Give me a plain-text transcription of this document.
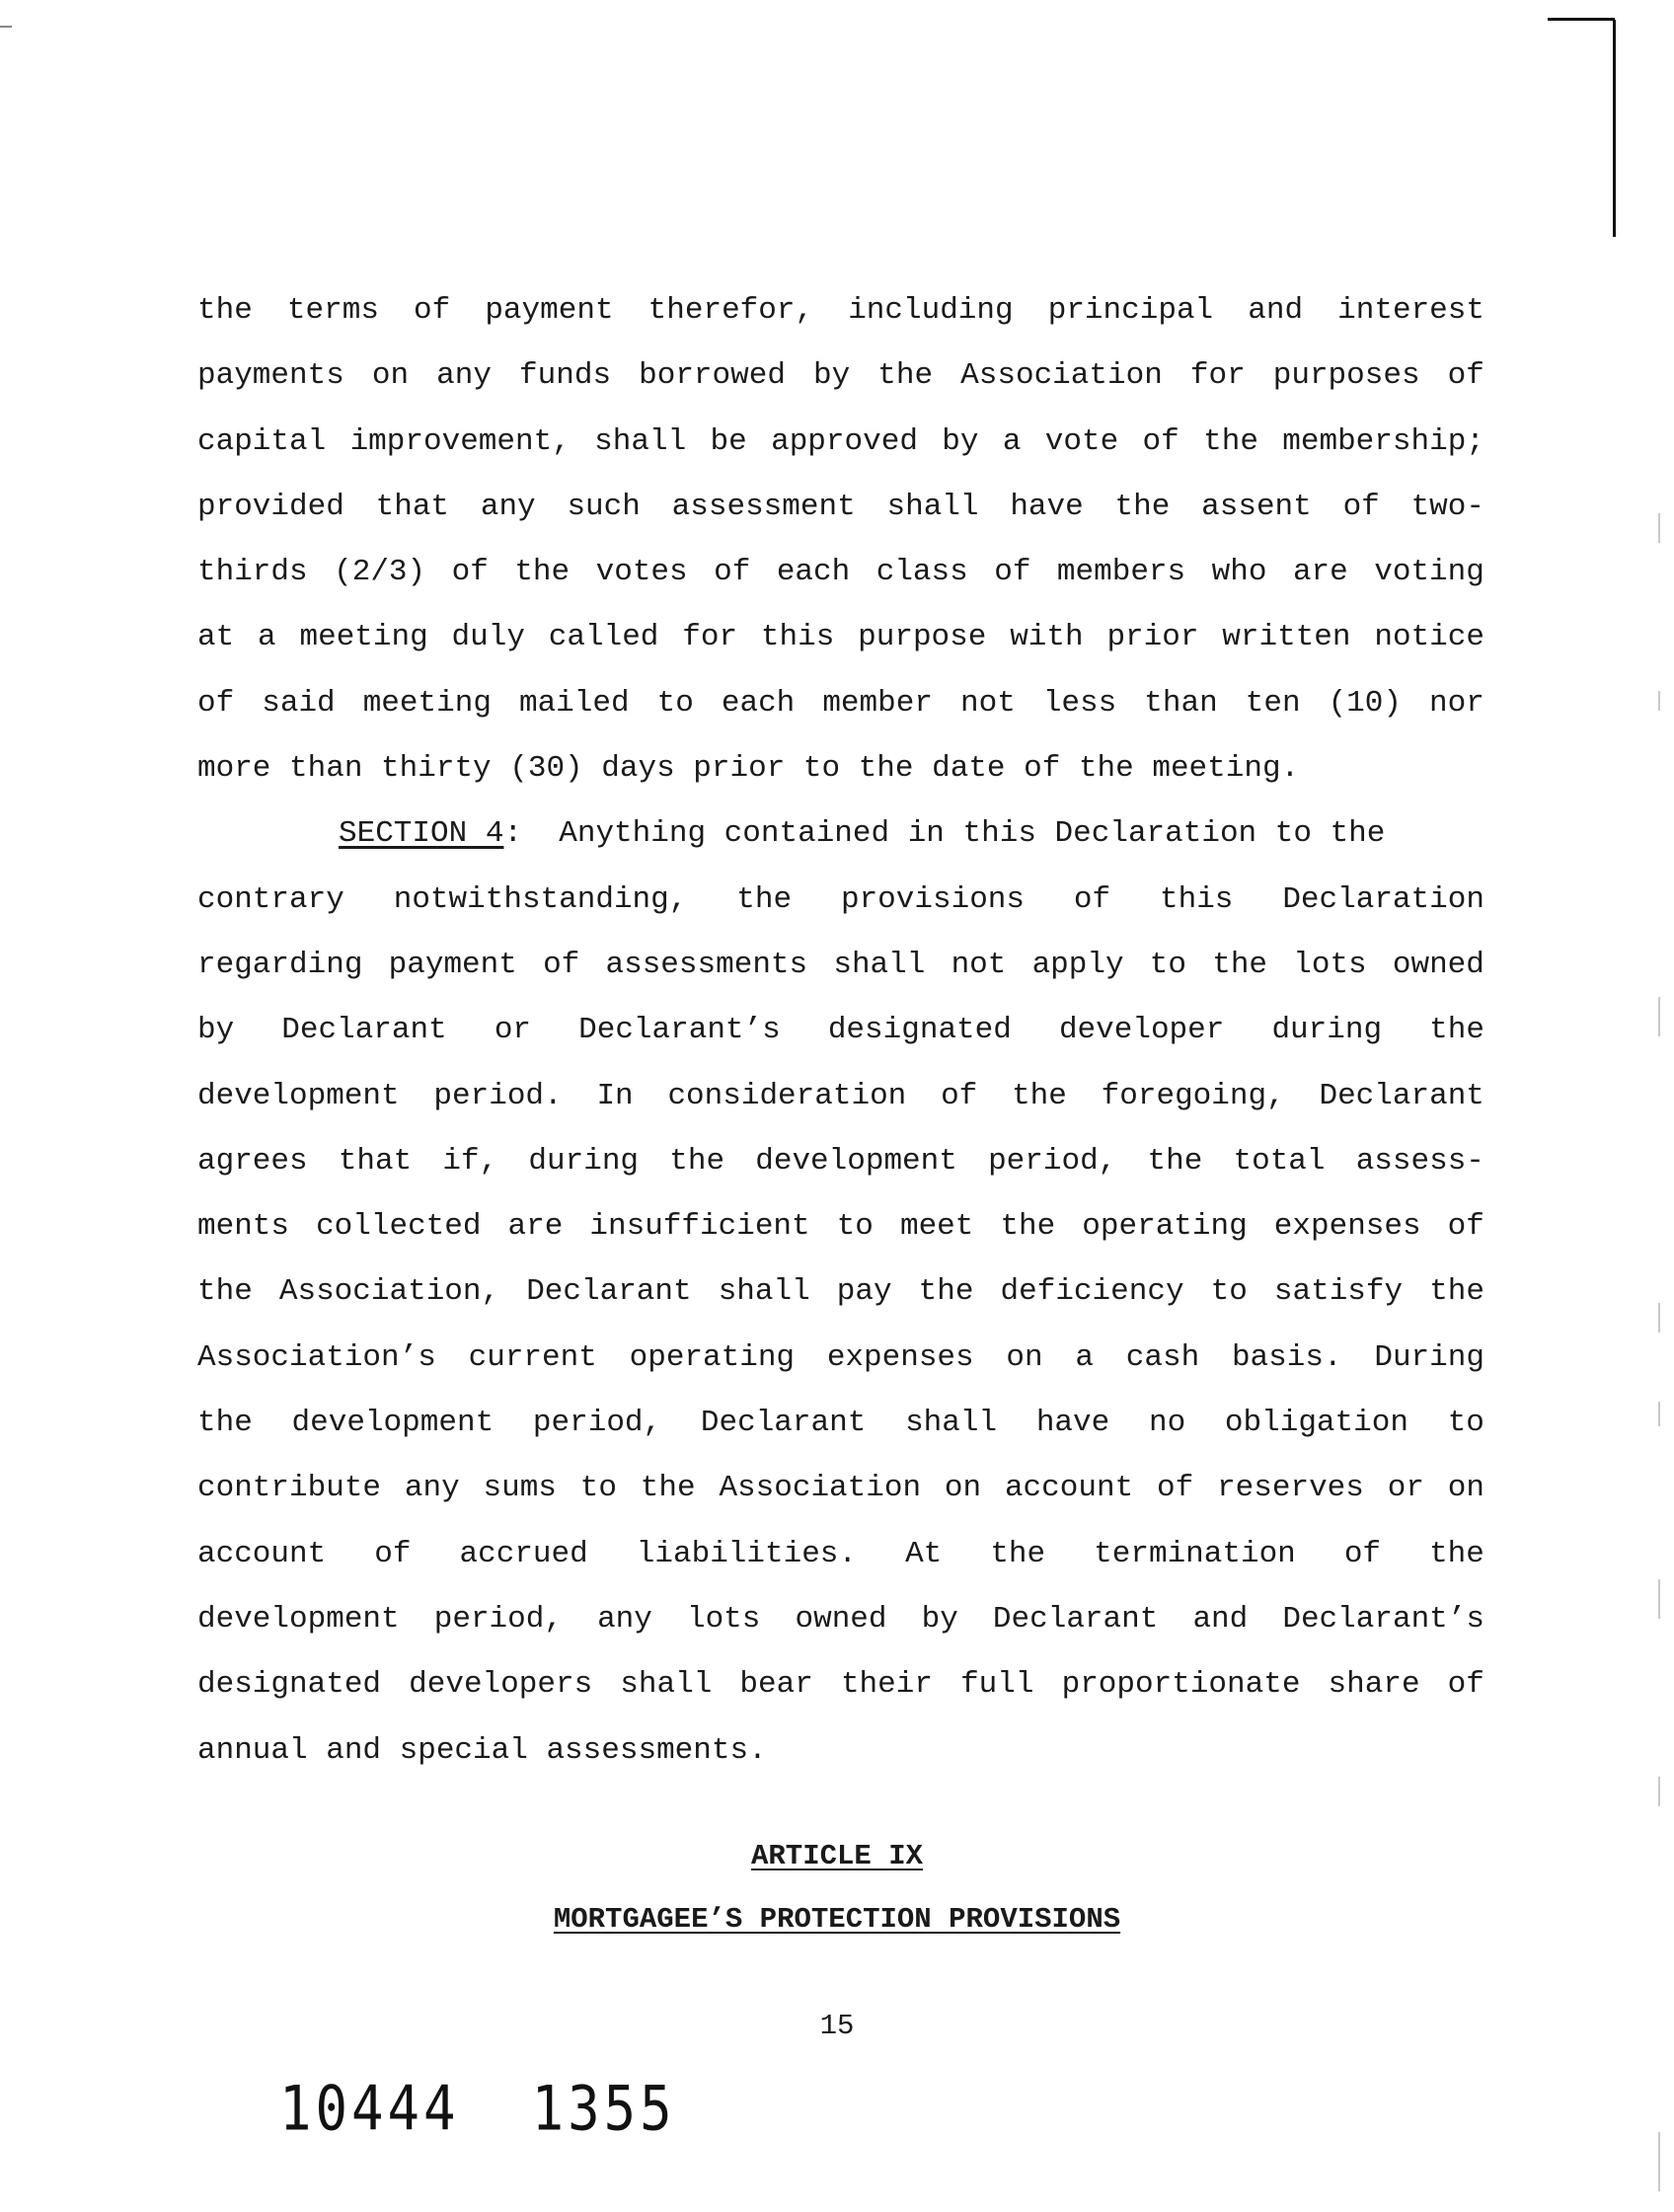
the terms of payment therefor, including principal and interest
payments on any funds borrowed by the Association for purposes of
capital improvement, shall be approved by a vote of the membership;
provided that any such assessment shall have the assent of two-
thirds (2/3) of the votes of each class of members who are voting
at a meeting duly called for this purpose with prior written notice
of said meeting mailed to each member not less than ten (10) nor
more than thirty (30) days prior to the date of the meeting.
SECTION 4 :  Anything contained in this Declaration to the
contrary notwithstanding, the provisions of this Declaration
regarding payment of assessments shall not apply to the lots owned
by Declarant or Declarant’s designated developer during the
development period. In consideration of the foregoing, Declarant
agrees that if, during the development period, the total assess-
ments collected are insufficient to meet the operating expenses of
the Association, Declarant shall pay the deficiency to satisfy the
Association’s current operating expenses on a cash basis. During
the development period, Declarant shall have no obligation to
contribute any sums to the Association on account of reserves or on
account of accrued liabilities. At the termination of the
development period, any lots owned by Declarant and Declarant’s
designated developers shall bear their full proportionate share of
annual and special assessments.
ARTICLE IX
MORTGAGEE’S PROTECTION PROVISIONS
15
10444 1355
